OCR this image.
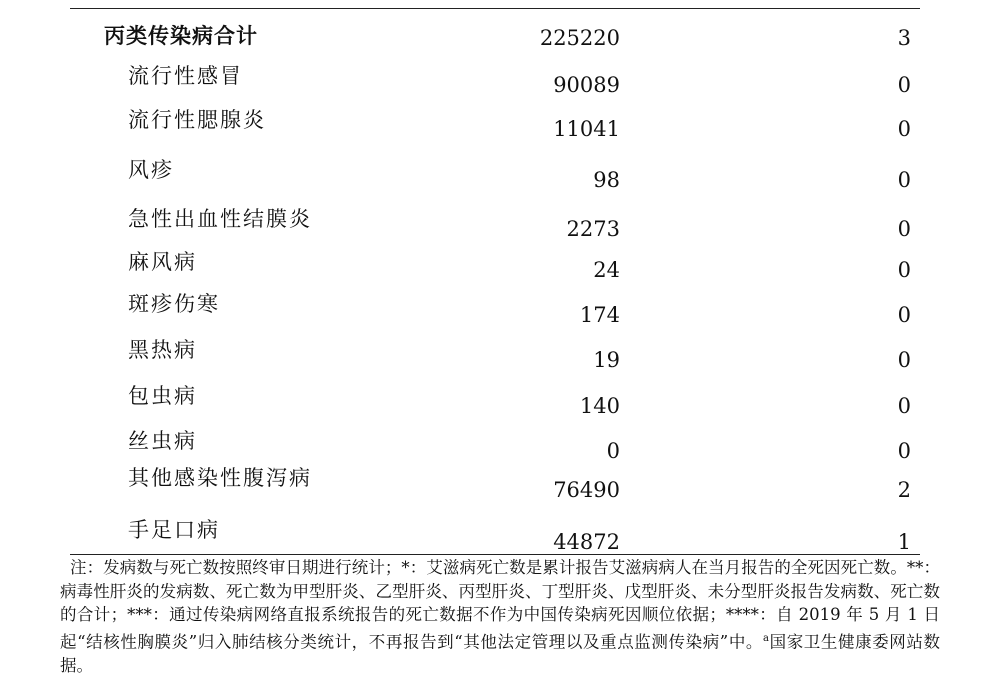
丙类传染病合计	225220	3
流行性感冒	90089	0
流行性腮腺炎	11041	0
风疹	98	0
急性出血性结膜炎	2273	0
麻风病	24	0
斑疹伤寒	174	0
黑热病	19	0
包虫病	140	0
丝虫病	0	0
其他感染性腹泻病	76490	2
手足口病	44872	1
注：发病数与死亡数按照终审日期进行统计；*：艾滋病死亡数是累计报告艾滋病病人在当月报告的全死因死亡数。**：病毒性肝炎的发病数、死亡数为甲型肝炎、乙型肝炎、丙型肝炎、丁型肝炎、戊型肝炎、未分型肝炎报告发病数、死亡数的合计；***：通过传染病网络直报系统报告的死亡数据不作为中国传染病死因顺位依据；****：自 2019 年 5 月 1 日起“结核性胸膜炎”归入肺结核分类统计，不再报告到“其他法定管理以及重点监测传染病”中。$^a$国家卫生健康委网站数据。
